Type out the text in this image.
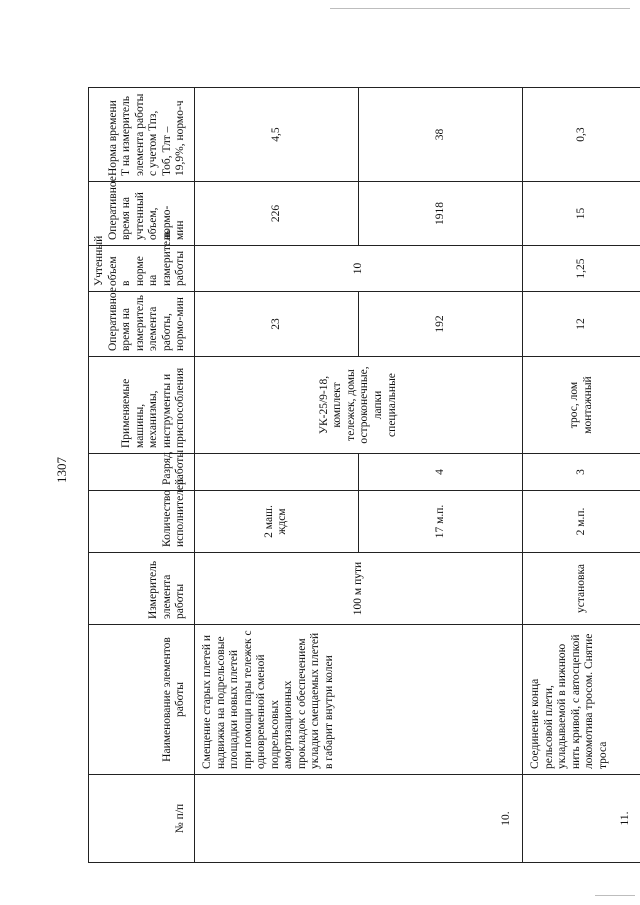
1307
№ п/п	Наименование элементов работы	Измеритель элемента работы	Количество исполнителей	Разряд работы	Применяемые машины, механизмы, инструменты и приспособления	Оперативное время на измеритель элемента работы, нормо-мин	Учтенный объем в норме на измеритель работы	Оперативное время на учтенный объем, нормо-мин	Норма времени Т на измеритель элемента работы с учетом Тпз, Тоб, Тлт – 19,9%, нормо-ч
10.	Смещение старых плетей и надвижка на подрельсовые площадки новых плетей при помощи пары тележек с одновременной сменой подрельсовых амортизационных прокладок с обеспечением укладки смещаемых плетей в габарит внутри колеи	100 м пути	2 маш. ждсм		УК-25/9-18, комплект тележек, домы остроконечные, лапки специальные	23	10	226	4,5
			17 м.п.	4		192		1918	38
11.	Соединение конца рельсовой плети, укладываемой в нижнюю нить кривой, с автосцепкой локомотива тросом. Снятие троса	установка	2 м.п.	3	трос, лом монтажный	12	1,25	15	0,3
